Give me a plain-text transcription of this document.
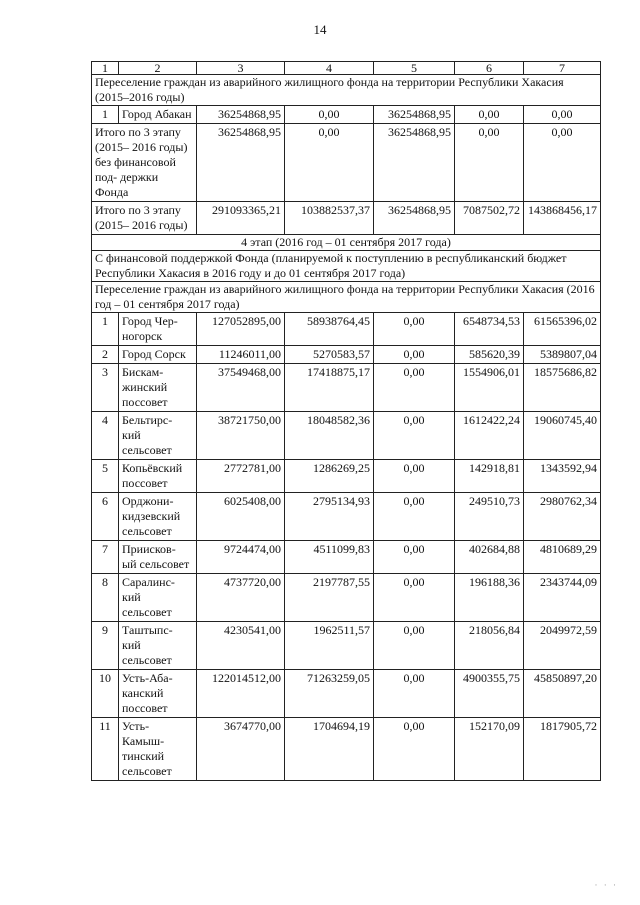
14
1	2	3	4	5	6	7
Переселение граждан из аварийного жилищного фонда на территории Республики Хакасия (2015–2016 годы)						
1	Город Абакан	36254868,95	0,00	36254868,95	0,00	0,00
Итого по 3 этапу (2015– 2016 годы) без финансовой под- держки Фонда		36254868,95	0,00	36254868,95	0,00	0,00
Итого по 3 этапу (2015– 2016 годы)		291093365,21	103882537,37	36254868,95	7087502,72	143868456,17
4 этап (2016 год – 01 сентября 2017 года)						
С финансовой поддержкой Фонда (планируемой к поступлению в республиканский бюджет Республики Хакасия в 2016 году и до 01 сентября 2017 года)						
Переселение граждан из аварийного жилищного фонда на территории Республики Хакасия (2016 год – 01 сентября 2017 года)						
1	Город Чер- ногорск	127052895,00	58938764,45	0,00	6548734,53	61565396,02
2	Город Сорск	11246011,00	5270583,57	0,00	585620,39	5389807,04
3	Бискам- жинский поссовет	37549468,00	17418875,17	0,00	1554906,01	18575686,82
4	Бельтирс- кий сельсовет	38721750,00	18048582,36	0,00	1612422,24	19060745,40
5	Копьёвский поссовет	2772781,00	1286269,25	0,00	142918,81	1343592,94
6	Орджони- кидзевский сельсовет	6025408,00	2795134,93	0,00	249510,73	2980762,34
7	Приисков- ый сельсовет	9724474,00	4511099,83	0,00	402684,88	4810689,29
8	Саралинс- кий сельсовет	4737720,00	2197787,55	0,00	196188,36	2343744,09
9	Таштыпс- кий сельсовет	4230541,00	1962511,57	0,00	218056,84	2049972,59
10	Усть-Аба- канский поссовет	122014512,00	71263259,05	0,00	4900355,75	45850897,20
11	Усть- Камыш- тинский сельсовет	3674770,00	1704694,19	0,00	152170,09	1817905,72
· · ·
